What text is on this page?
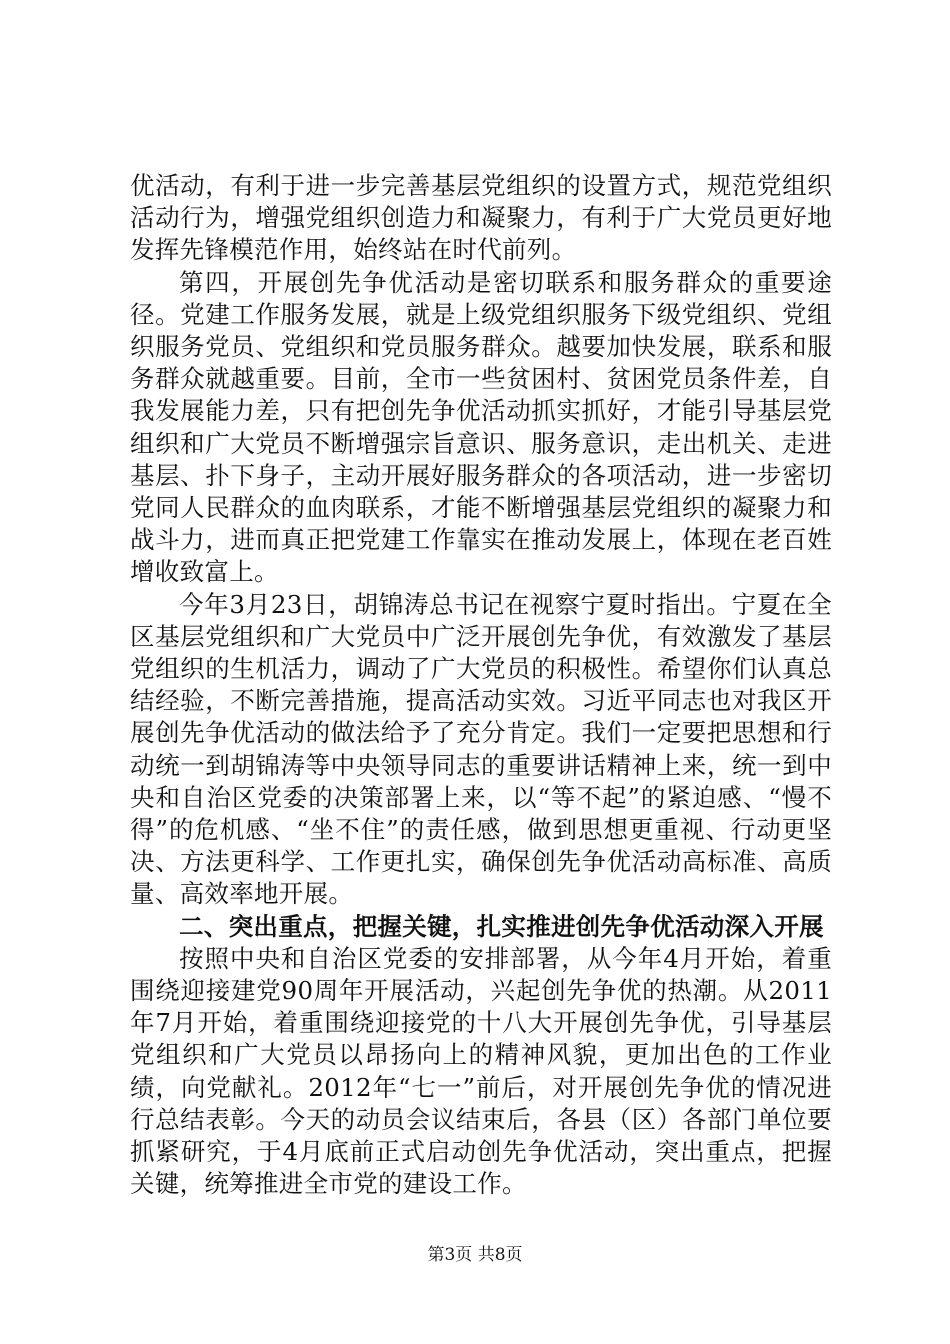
优活动，有利于进一步完善基层党组织的设置方式，规范党组织活动行为，增强党组织创造力和凝聚力，有利于广大党员更好地发挥先锋模范作用，始终站在时代前列。

第四，开展创先争优活动是密切联系和服务群众的重要途径。党建工作服务发展，就是上级党组织服务下级党组织、党组织服务党员、党组织和党员服务群众。越要加快发展，联系和服务群众就越重要。目前，全市一些贫困村、贫困党员条件差，自我发展能力差，只有把创先争优活动抓实抓好，才能引导基层党组织和广大党员不断增强宗旨意识、服务意识，走出机关、走进基层、扑下身子，主动开展好服务群众的各项活动，进一步密切党同人民群众的血肉联系，才能不断增强基层党组织的凝聚力和战斗力，进而真正把党建工作靠实在推动发展上，体现在老百姓增收致富上。

今年3月23日，胡锦涛总书记在视察宁夏时指出。宁夏在全区基层党组织和广大党员中广泛开展创先争优，有效激发了基层党组织的生机活力，调动了广大党员的积极性。希望你们认真总结经验，不断完善措施，提高活动实效。习近平同志也对我区开展创先争优活动的做法给予了充分肯定。我们一定要把思想和行动统一到胡锦涛等中央领导同志的重要讲话精神上来，统一到中央和自治区党委的决策部署上来，以“等不起”的紧迫感、“慢不得”的危机感、“坐不住”的责任感，做到思想更重视、行动更坚决、方法更科学、工作更扎实，确保创先争优活动高标准、高质量、高效率地开展。

二、突出重点，把握关键，扎实推进创先争优活动深入开展

按照中央和自治区党委的安排部署，从今年4月开始，着重围绕迎接建党90周年开展活动，兴起创先争优的热潮。从2011年7月开始，着重围绕迎接党的十八大开展创先争优，引导基层党组织和广大党员以昂扬向上的精神风貌，更加出色的工作业绩，向党献礼。2012年“七一”前后，对开展创先争优的情况进行总结表彰。今天的动员会议结束后，各县（区）各部门单位要抓紧研究，于4月底前正式启动创先争优活动，突出重点，把握关键，统筹推进全市党的建设工作。

第3页 共8页
